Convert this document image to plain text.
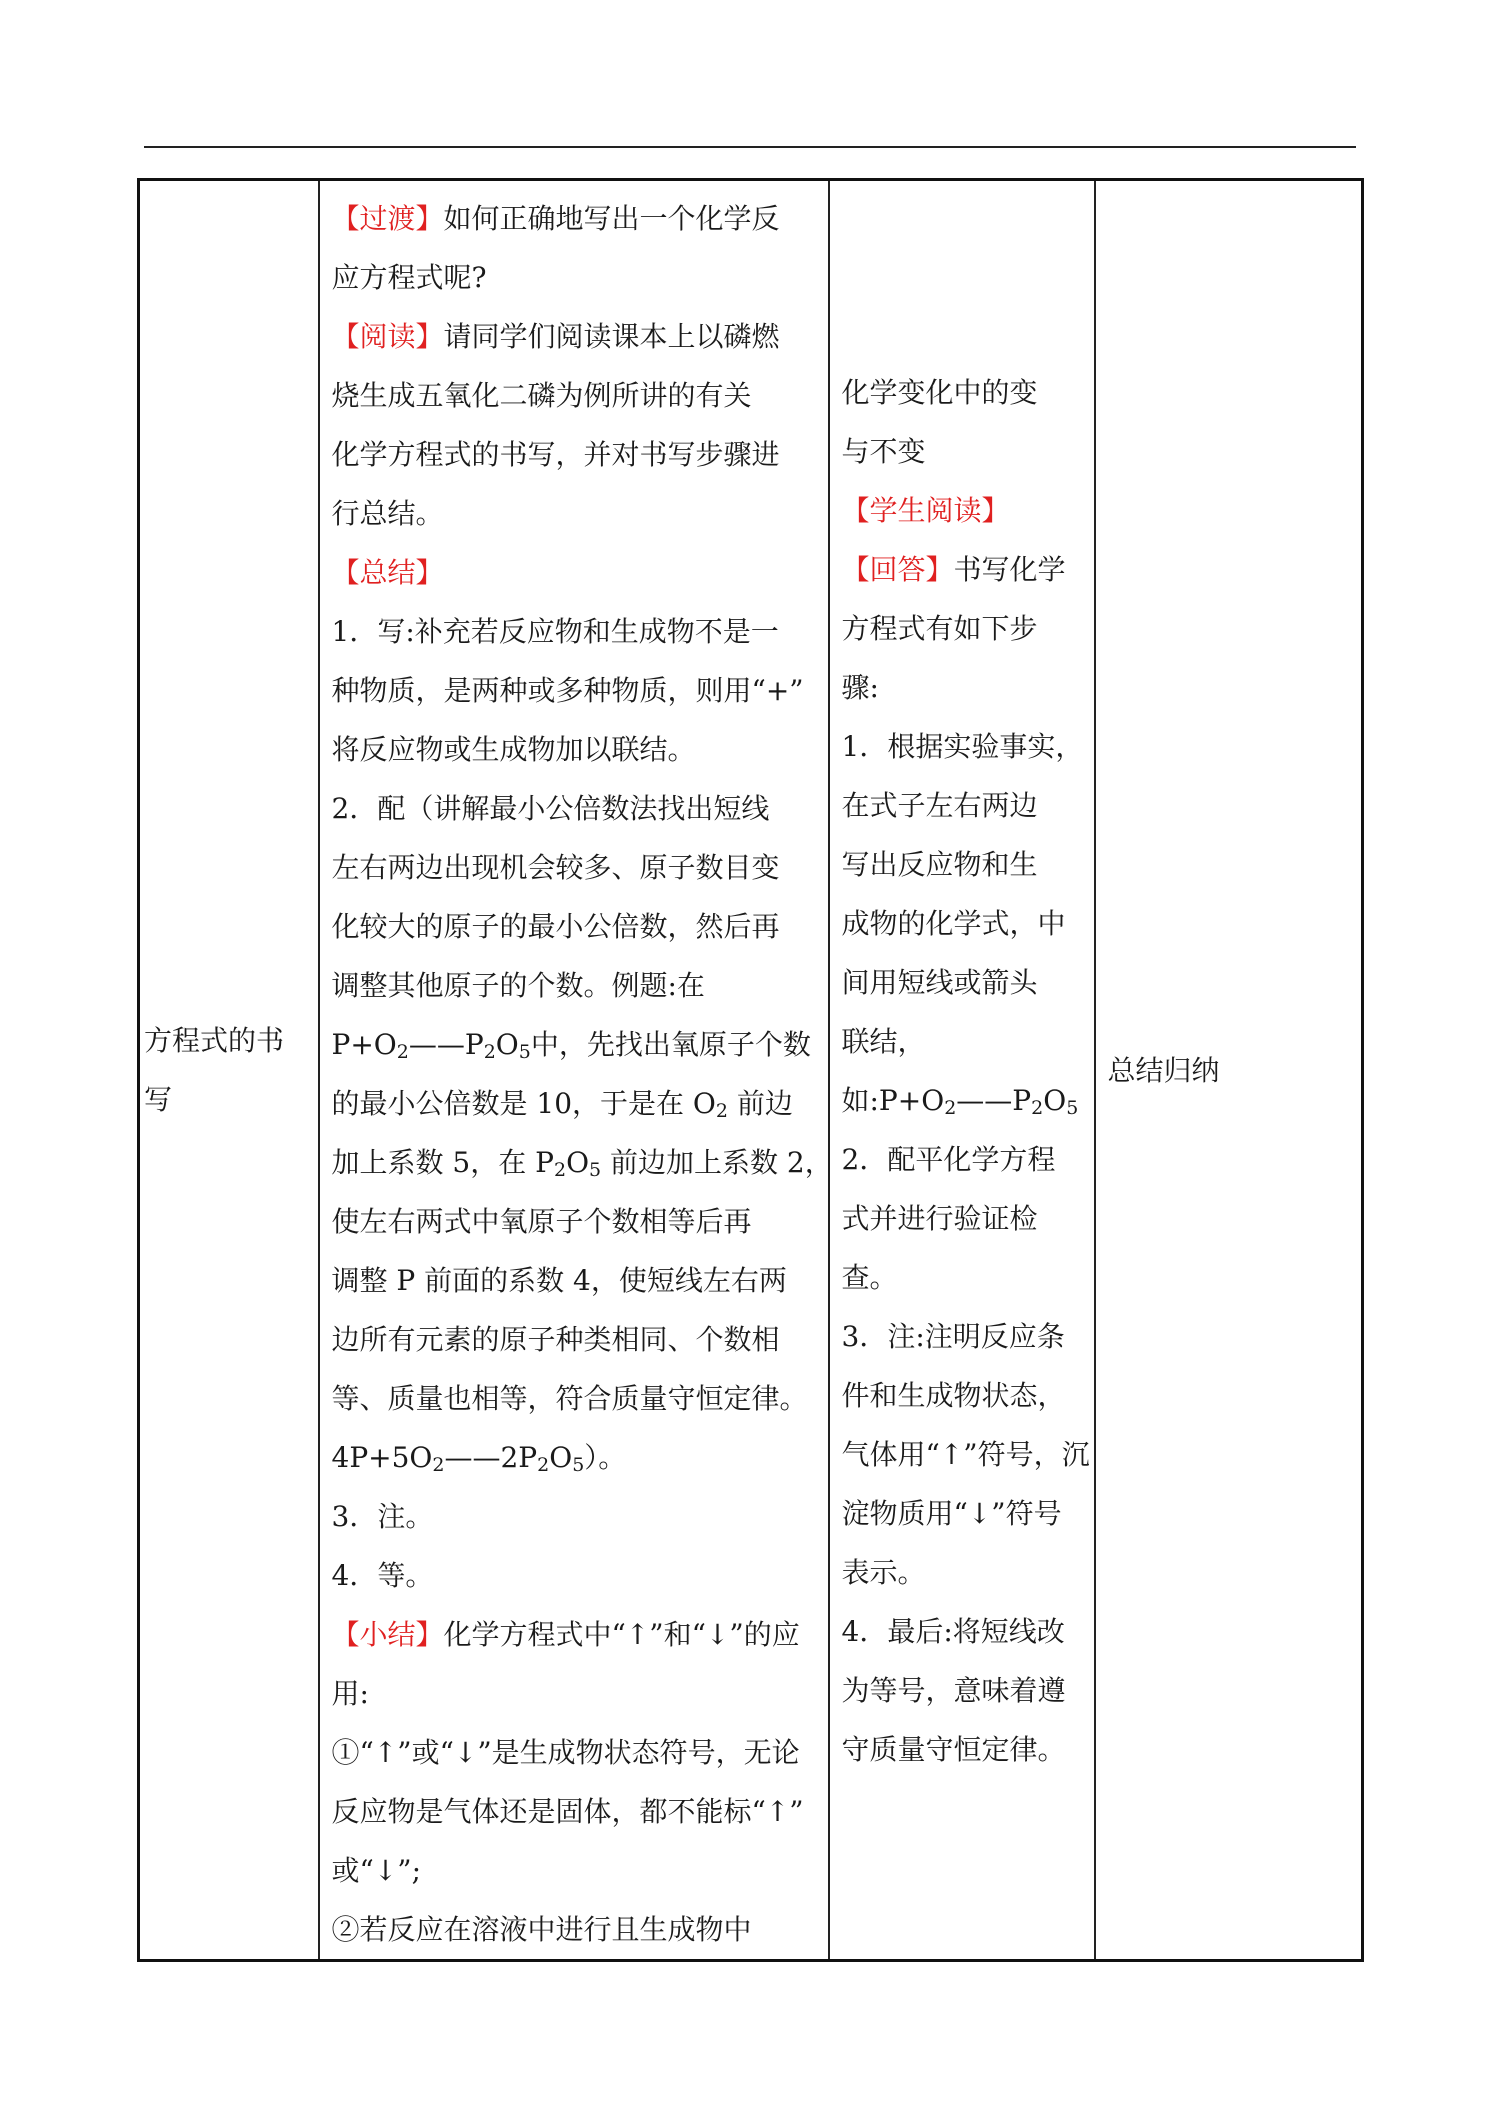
方程式的书
写

【过渡】如何正确地写出一个化学反
应方程式呢?
【阅读】请同学们阅读课本上以磷燃
烧生成五氧化二磷为例所讲的有关
化学方程式的书写，并对书写步骤进
行总结。
【总结】
1．写:补充若反应物和生成物不是一
种物质，是两种或多种物质，则用“+”
将反应物或生成物加以联结。
2．配（讲解最小公倍数法找出短线
左右两边出现机会较多、原子数目变
化较大的原子的最小公倍数，然后再
调整其他原子的个数。例题:在
$P+O_2——P_2O_5$中，先找出氧原子个数
的最小公倍数是 10，于是在 $O_2$ 前边
加上系数 5，在 $P_2O_5$ 前边加上系数 2，
使左右两式中氧原子个数相等后再
调整 P 前面的系数 4，使短线左右两
边所有元素的原子种类相同、个数相
等、质量也相等，符合质量守恒定律。
$4P+5O_2——2P_2O_5$）。
3．注。
4．等。
【小结】化学方程式中“↑”和“↓”的应
用:
①“↑”或“↓”是生成物状态符号，无论
反应物是气体还是固体，都不能标“↑”
或“↓”;
②若反应在溶液中进行且生成物中

化学变化中的变
与不变
【学生阅读】
【回答】书写化学
方程式有如下步
骤:
1．根据实验事实，
在式子左右两边
写出反应物和生
成物的化学式，中
间用短线或箭头
联结，
如$:P+O_2——P_2O_5$
2．配平化学方程
式并进行验证检
查。
3．注:注明反应条
件和生成物状态，
气体用“↑”符号，沉
淀物质用“↓”符号
表示。
4．最后:将短线改
为等号，意味着遵
守质量守恒定律。

总结归纳
